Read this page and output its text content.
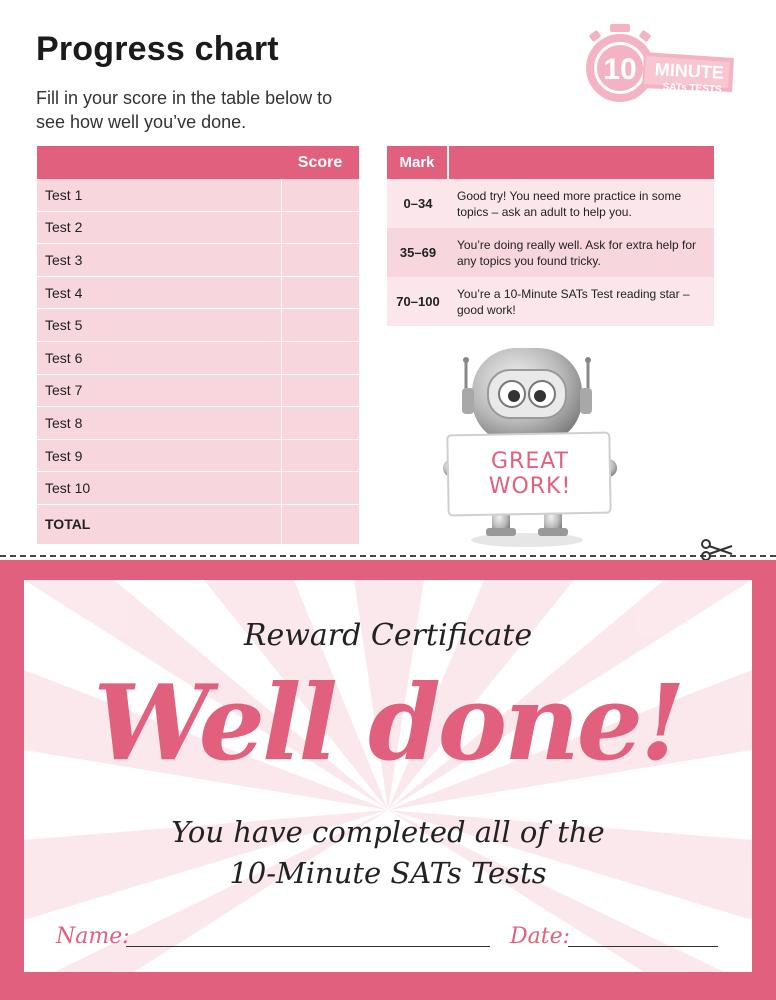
Progress chart

Fill in your score in the table below to see how well you’ve done.

10 MINUTE
SATs TESTS
	Score
Test 1	
Test 2	
Test 3	
Test 4	
Test 5	
Test 6	
Test 7	
Test 8	
Test 9	
Test 10	
TOTAL	
Mark	
0–34	Good try! You need more practice in some topics – ask an adult to help you.
35–69	You’re doing really well. Ask for extra help for any topics you found tricky.
70–100	You’re a 10-Minute SATs Test reading star – good work!
GREAT
WORK!
Reward Certificate
Well done!
You have completed all of the
10-Minute SATs Tests
Name:	Date:
